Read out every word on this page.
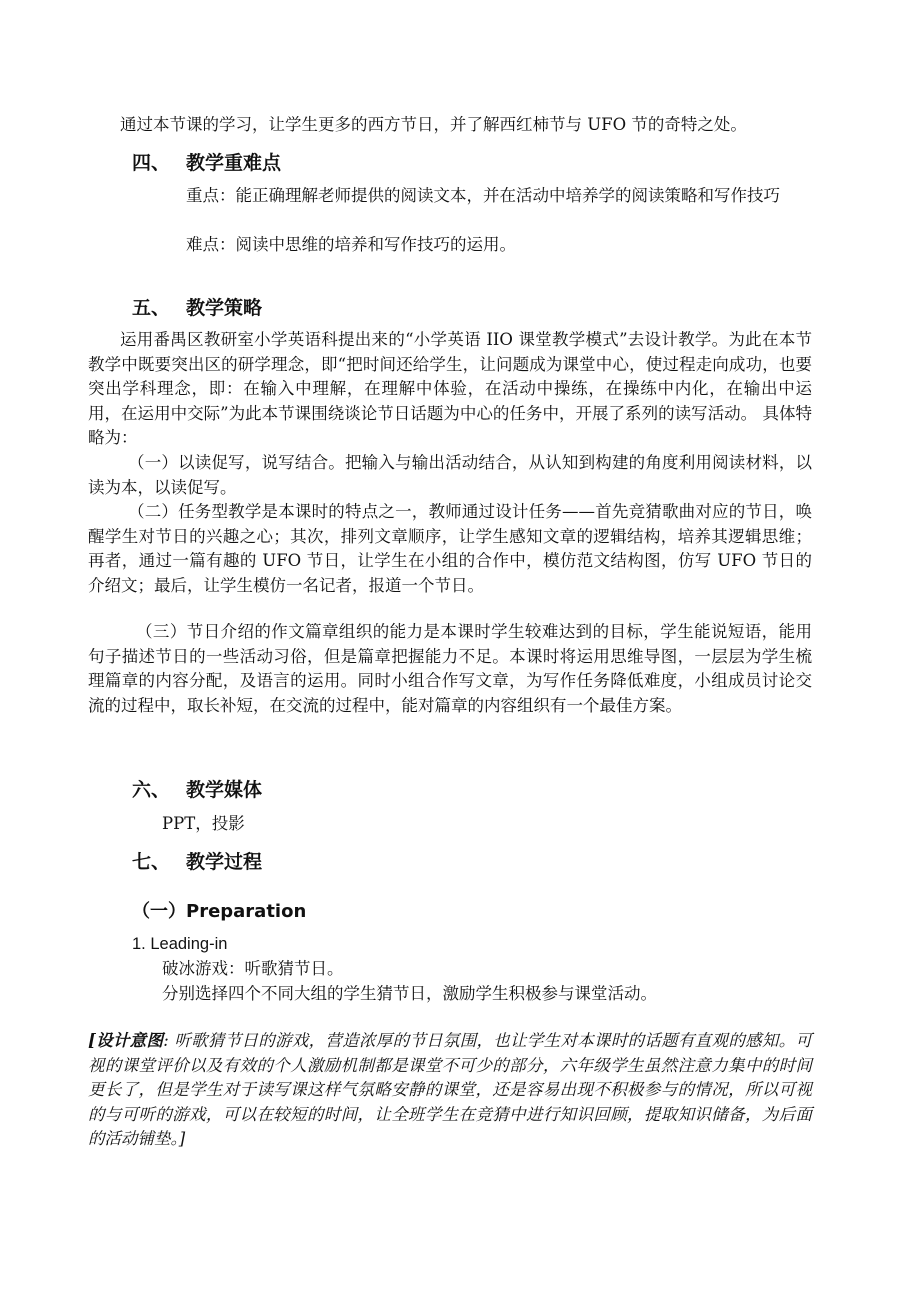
通过本节课的学习，让学生更多的西方节日，并了解西红柿节与 UFO 节的奇特之处。

四、 教学重难点

重点：能正确理解老师提供的阅读文本，并在活动中培养学的阅读策略和写作技巧

难点：阅读中思维的培养和写作技巧的运用。

五、 教学策略

运用番禺区教研室小学英语科提出来的“小学英语 IIO 课堂教学模式”去设计教学。为此在本节教学中既要突出区的研学理念，即“把时间还给学生，让问题成为课堂中心，使过程走向成功，也要突出学科理念，即：在输入中理解，在理解中体验，在活动中操练，在操练中内化，在输出中运用，在运用中交际”为此本节课围绕谈论节日话题为中心的任务中，开展了系列的读写活动。 具体特略为：

（一）以读促写，说写结合。把输入与输出活动结合，从认知到构建的角度利用阅读材料，以读为本，以读促写。

（二）任务型教学是本课时的特点之一，教师通过设计任务——首先竞猜歌曲对应的节日，唤醒学生对节日的兴趣之心；其次，排列文章顺序，让学生感知文章的逻辑结构，培养其逻辑思维；再者，通过一篇有趣的 UFO 节日，让学生在小组的合作中，模仿范文结构图，仿写 UFO 节日的介绍文；最后，让学生模仿一名记者，报道一个节日。

（三）节日介绍的作文篇章组织的能力是本课时学生较难达到的目标，学生能说短语，能用句子描述节日的一些活动习俗，但是篇章把握能力不足。本课时将运用思维导图，一层层为学生梳理篇章的内容分配，及语言的运用。同时小组合作写文章，为写作任务降低难度，小组成员讨论交流的过程中，取长补短，在交流的过程中，能对篇章的内容组织有一个最佳方案。

六、 教学媒体

PPT，投影

七、 教学过程

（一）Preparation

1. Leading-in

破冰游戏：听歌猜节日。

分别选择四个不同大组的学生猜节日，激励学生积极参与课堂活动。

[设计意图: 听歌猜节日的游戏，营造浓厚的节日氛围，也让学生对本课时的话题有直观的感知。可视的课堂评价以及有效的个人激励机制都是课堂不可少的部分，六年级学生虽然注意力集中的时间更长了，但是学生对于读写课这样气氛略安静的课堂，还是容易出现不积极参与的情况，所以可视的与可听的游戏，可以在较短的时间，让全班学生在竞猜中进行知识回顾，提取知识储备，为后面的活动铺垫。]
